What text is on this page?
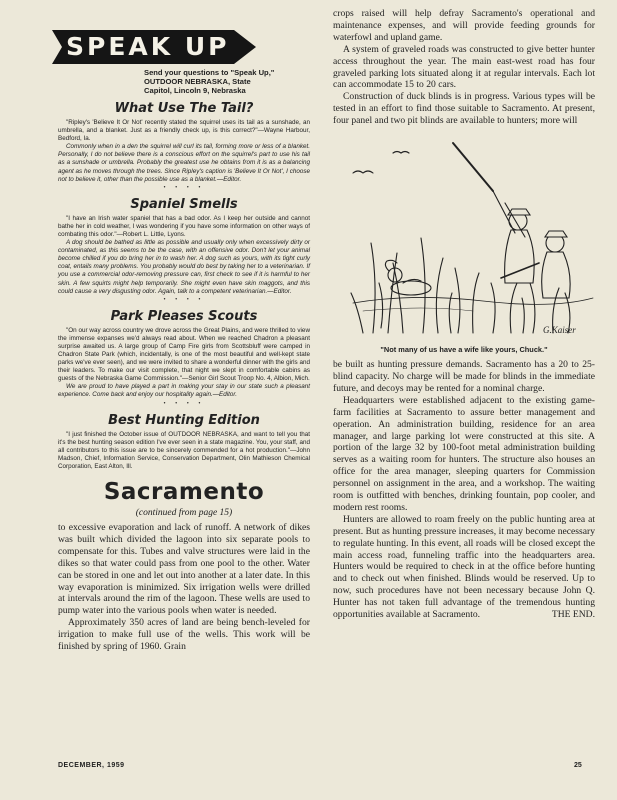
SPEAK UP
Send your questions to "Speak Up,"
OUTDOOR NEBRASKA, State
Capitol, Lincoln 9, Nebraska
What Use The Tail?
"Ripley's 'Believe It Or Not' recently stated the squirrel uses its tail as a sunshade, an umbrella, and a blanket. Just as a friendly check up, is this correct?"—Wayne Harbour, Bedford, Ia.
Commonly when in a den the squirrel will curl its tail, forming more or less of a blanket. Personally, I do not believe there is a conscious effort on the squirrel's part to use his tail as a sunshade or umbrella. Probably the greatest use he obtains from it is as a balancing agent as he moves through the trees. Since Ripley's caption is 'Believe It Or Not', I choose not to believe it, other than the possible use as a blanket.—Editor.
• • • •
Spaniel Smells
"I have an Irish water spaniel that has a bad odor. As I keep her outside and cannot bathe her in cold weather, I was wondering if you have some information on other ways of combating this odor."—Robert L. Little, Lyons.
A dog should be bathed as little as possible and usually only when excessively dirty or contaminated, as this seems to be the case, with an offensive odor. Don't let your animal become chilled if you do bring her in to wash her. A dog such as yours, with its tight curly coat, entails many problems. You probably would do best by taking her to a veterinarian. If you use a commercial odor-removing pressure can, first check to see if it is harmful to her skin. A few squirts might help temporarily. She might even have skin maggots, and this could cause a very disgusting odor. Again, talk to a competent veterinarian.—Editor.
• • • •
Park Pleases Scouts
"On our way across country we drove across the Great Plains, and were thrilled to view the immense expanses we'd always read about. When we reached Chadron a pleasant surprise awaited us. A large group of Camp Fire girls from Scottsbluff were camped in Chadron State Park (which, incidentally, is one of the most beautiful and well-kept state parks we've ever seen), and we were invited to share a wonderful dinner with the girls and their leaders. To make our visit complete, that night we slept in comfortable cabins as guests of the Nebraska Game Commission."—Senior Girl Scout Troop No. 4, Albion, Mich.
We are proud to have played a part in making your stay in our state such a pleasant experience. Come back and enjoy our hospitality again.—Editor.
• • • •
Best Hunting Edition
"I just finished the October issue of OUTDOOR NEBRASKA, and want to tell you that it's the best hunting season edition I've ever seen in a state magazine. You, your staff, and all contributors to this issue are to be sincerely commended for a hot production."—John Madson, Chief, Information Service, Conservation Department, Olin Mathieson Chemical Corporation, East Alton, Ill.
Sacramento
(continued from page 15)

to excessive evaporation and lack of runoff. A network of dikes was built which divided the lagoon into six separate pools to compensate for this. Tubes and valve structures were laid in the dikes so that water could pass from one pool to the other. Water can be stored in one and let out into another at a later date. In this way evaporation is minimized. Six irrigation wells were drilled at intervals around the rim of the lagoon. These wells are used to pump water into the various pools when water is needed.

Approximately 350 acres of land are being bench-leveled for irrigation to make full use of the wells. This work will be finished by spring of 1960. Grain

crops raised will help defray Sacramento's operational and maintenance expenses, and will provide feeding grounds for waterfowl and upland game.

A system of graveled roads was constructed to give better hunter access throughout the year. The main east-west road has four graveled parking lots situated along it at regular intervals. Each lot can accommodate 15 to 20 cars.

Construction of duck blinds is in progress. Various types will be tested in an effort to find those suitable to Sacramento. At present, four panel and two pit blinds are available to hunters; more will

G.Kaiser
"Not many of us have a wife like yours, Chuck."

be built as hunting pressure demands. Sacramento has a 20 to 25-blind capacity. No charge will be made for blinds in the immediate future, and decoys may be rented for a nominal charge.

Headquarters were established adjacent to the existing game-farm facilities at Sacramento to assure better management and operation. An administration building, residence for an area manager, and large parking lot were constructed at this site. A portion of the large 32 by 100-foot metal administration building serves as a waiting room for hunters. The structure also houses an office for the area manager, sleeping quarters for Commission personnel on assignment in the area, and a workshop. The waiting room is outfitted with benches, drinking fountain, pop cooler, and modern rest rooms.

Hunters are allowed to roam freely on the public hunting area at present. But as hunting pressure increases, it may become necessary to regulate hunting. In this event, all roads will be closed except the main access road, funneling traffic into the headquarters area. Hunters would be required to check in at the office before hunting and to check out when finished. Blinds would be reserved. Up to now, such procedures have not been necessary because John Q. Hunter has not taken full advantage of the tremendous hunting opportunities available at Sacramento.	THE END.

DECEMBER, 1959	25
